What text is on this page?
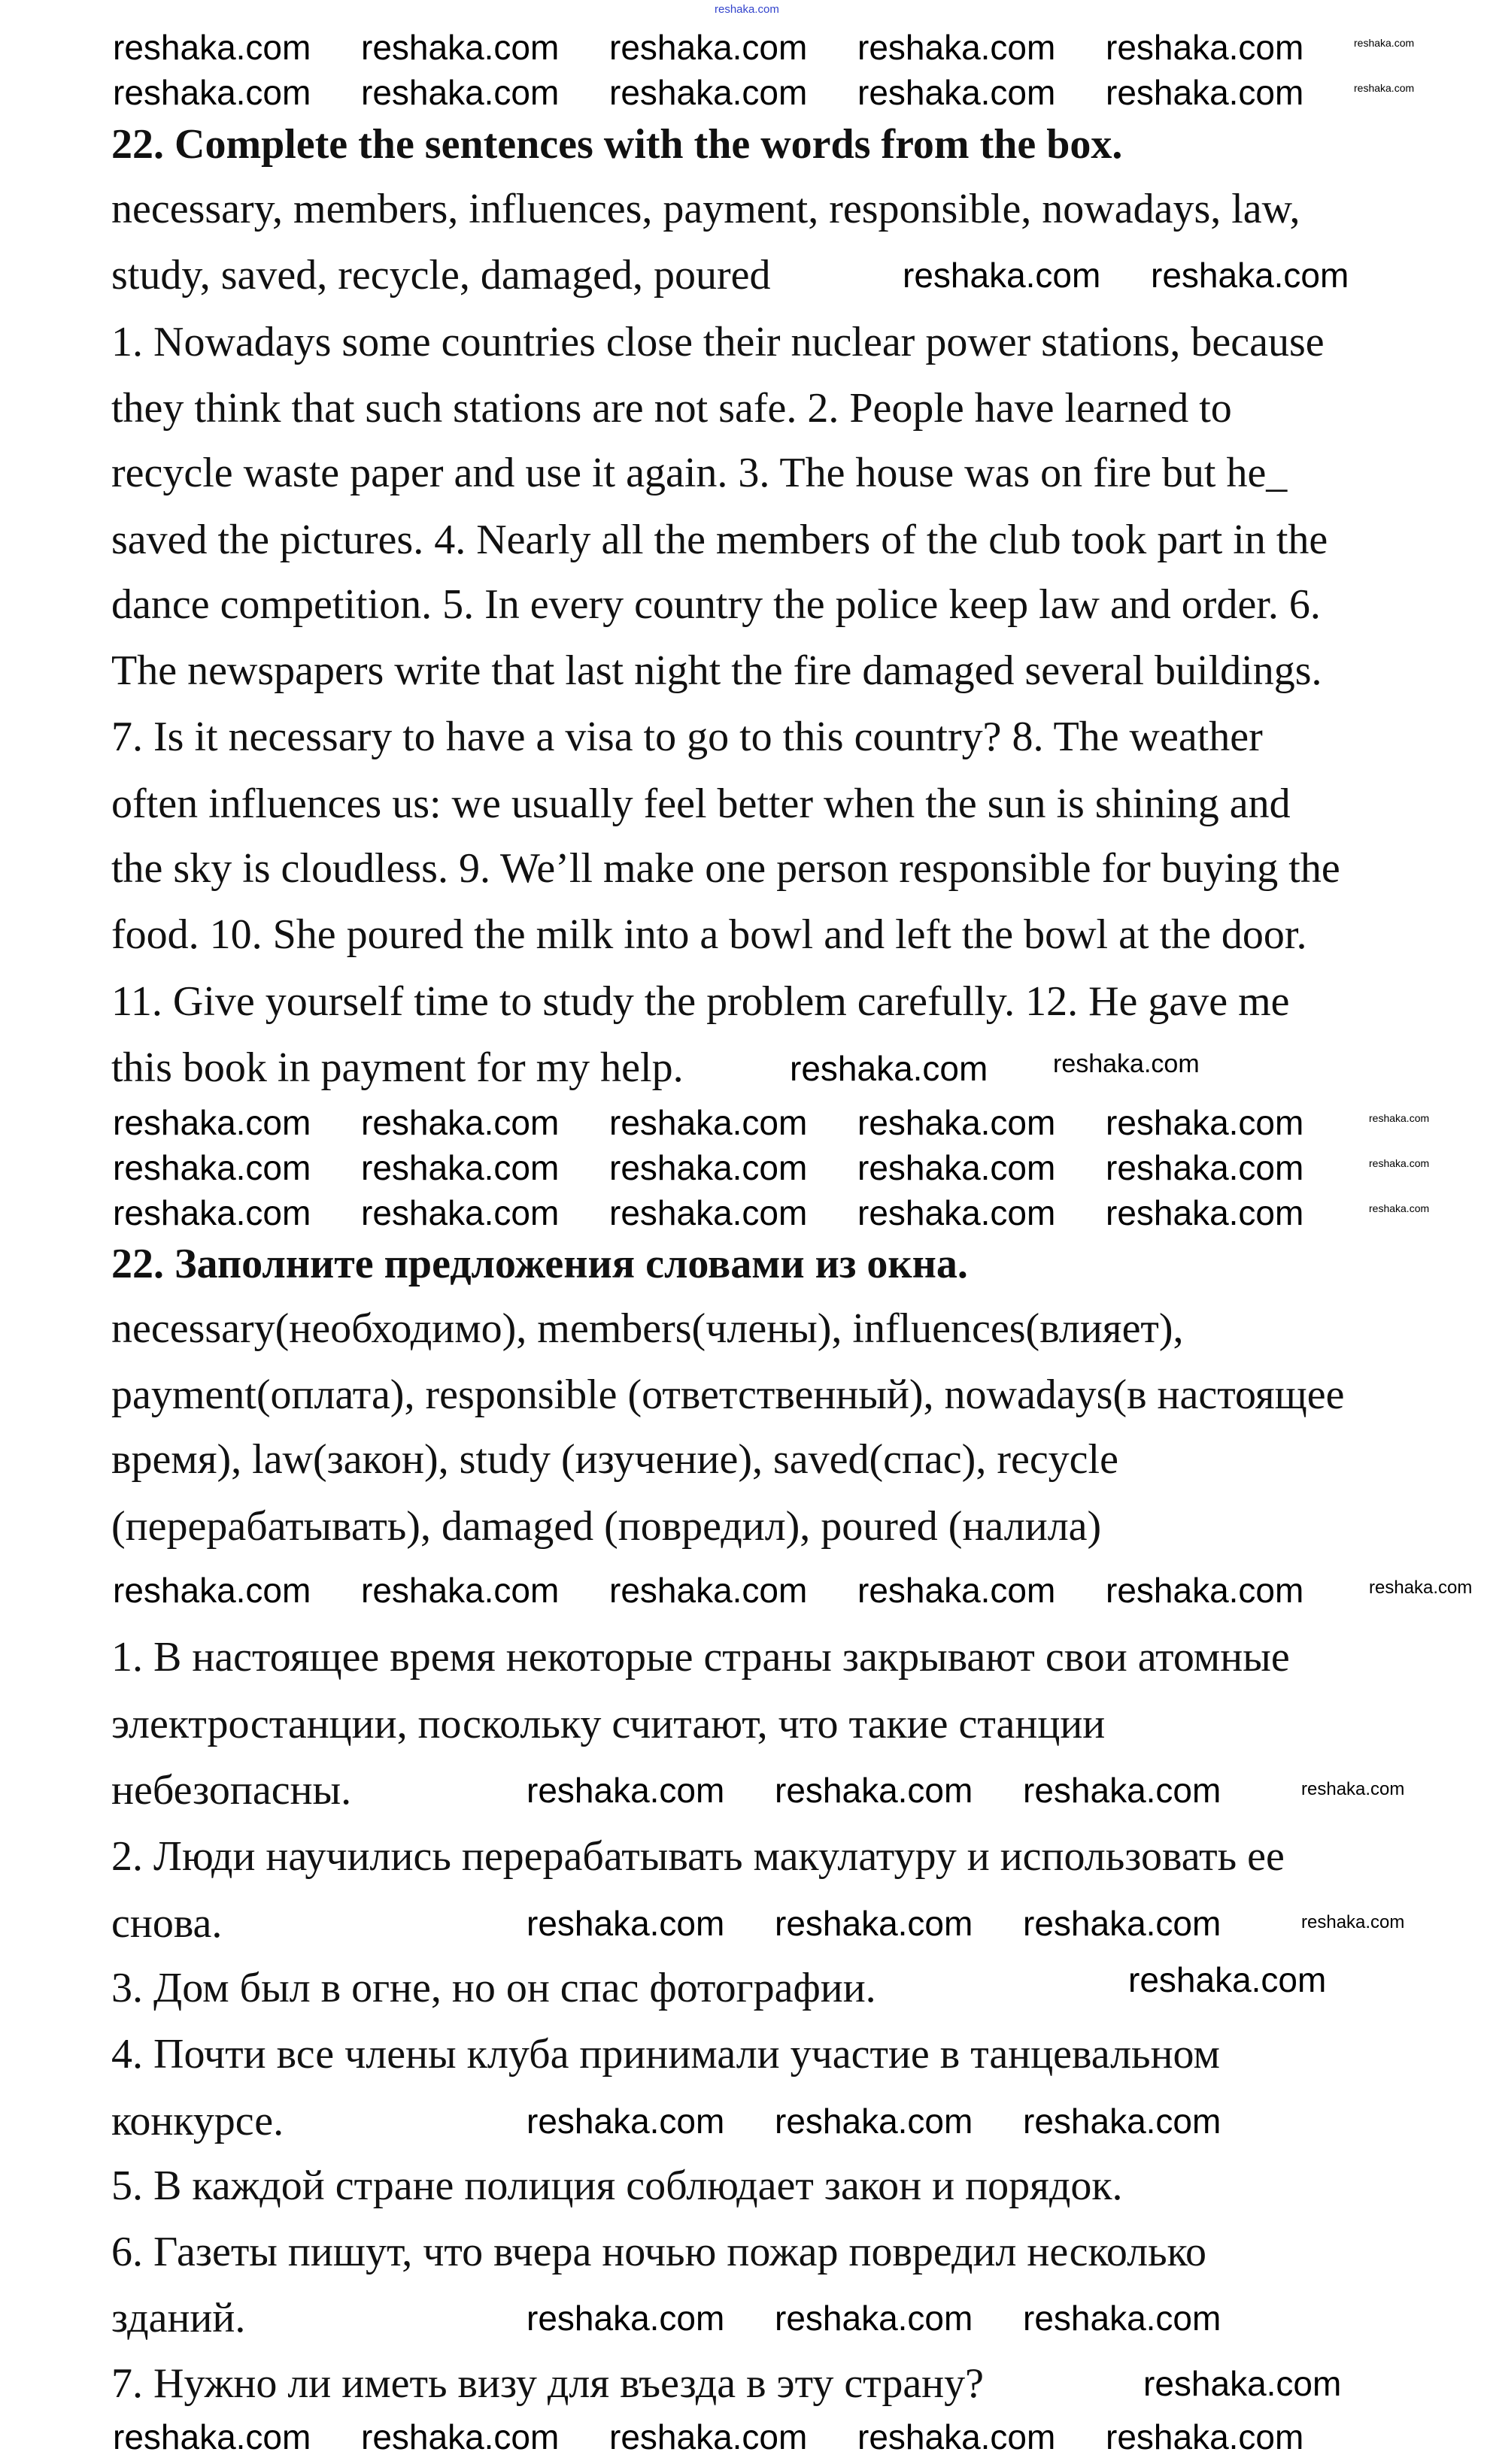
reshaka.com
22. Complete the sentences with the words from the box.
necessary, members, influences, payment, responsible, nowadays, law,
study, saved, recycle, damaged, poured
1. Nowadays some countries close their nuclear power stations, because
they think that such stations are not safe. 2. People have learned to
recycle waste paper and use it again. 3. The house was on fire but he_
saved the pictures. 4. Nearly all the members of the club took part in the
dance competition. 5. In every country the police keep law and order. 6.
The newspapers write that last night the fire damaged several buildings.
7. Is it necessary to have a visa to go to this country? 8. The weather
often influences us: we usually feel better when the sun is shining and
the sky is cloudless. 9. We’ll make one person responsible for buying the
food. 10. She poured the milk into a bowl and left the bowl at the door.
11. Give yourself time to study the problem carefully. 12. He gave me
this book in payment for my help.
22. Заполните предложения словами из окна.
necessary(необходимо), members(члены), influences(влияет),
payment(оплата), responsible (ответственный), nowadays(в настоящее
время), law(закон), study (изучение), saved(спас), recycle
(перерабатывать), damaged (повредил), poured (налила)
1. В настоящее время некоторые страны закрывают свои атомные
электростанции, поскольку считают, что такие станции
небезопасны.
2. Люди научились перерабатывать макулатуру и использовать ее
снова.
3. Дом был в огне, но он спас фотографии.
4. Почти все члены клуба принимали участие в танцевальном
конкурсе.
5. В каждой стране полиция соблюдает закон и порядок.
6. Газеты пишут, что вчера ночью пожар повредил несколько
зданий.
7. Нужно ли иметь визу для въезда в эту страну?
reshaka.com reshaka.com reshaka.com reshaka.com reshaka.com
reshaka.com reshaka.com reshaka.com reshaka.com reshaka.com
reshaka.com reshaka.com reshaka.com reshaka.com reshaka.com
reshaka.com reshaka.com reshaka.com reshaka.com reshaka.com
reshaka.com reshaka.com reshaka.com reshaka.com reshaka.com
reshaka.com reshaka.com reshaka.com reshaka.com reshaka.com
reshaka.com reshaka.com reshaka.com reshaka.com reshaka.com
reshaka.com reshaka.com
reshaka.com	reshaka.com
reshaka.com reshaka.com reshaka.com
reshaka.com reshaka.com reshaka.com
reshaka.com
reshaka.com reshaka.com reshaka.com
reshaka.com reshaka.com reshaka.com
reshaka.com
reshaka.com
reshaka.com
reshaka.com
reshaka.com
reshaka.com
reshaka.com
reshaka.com
reshaka.com
